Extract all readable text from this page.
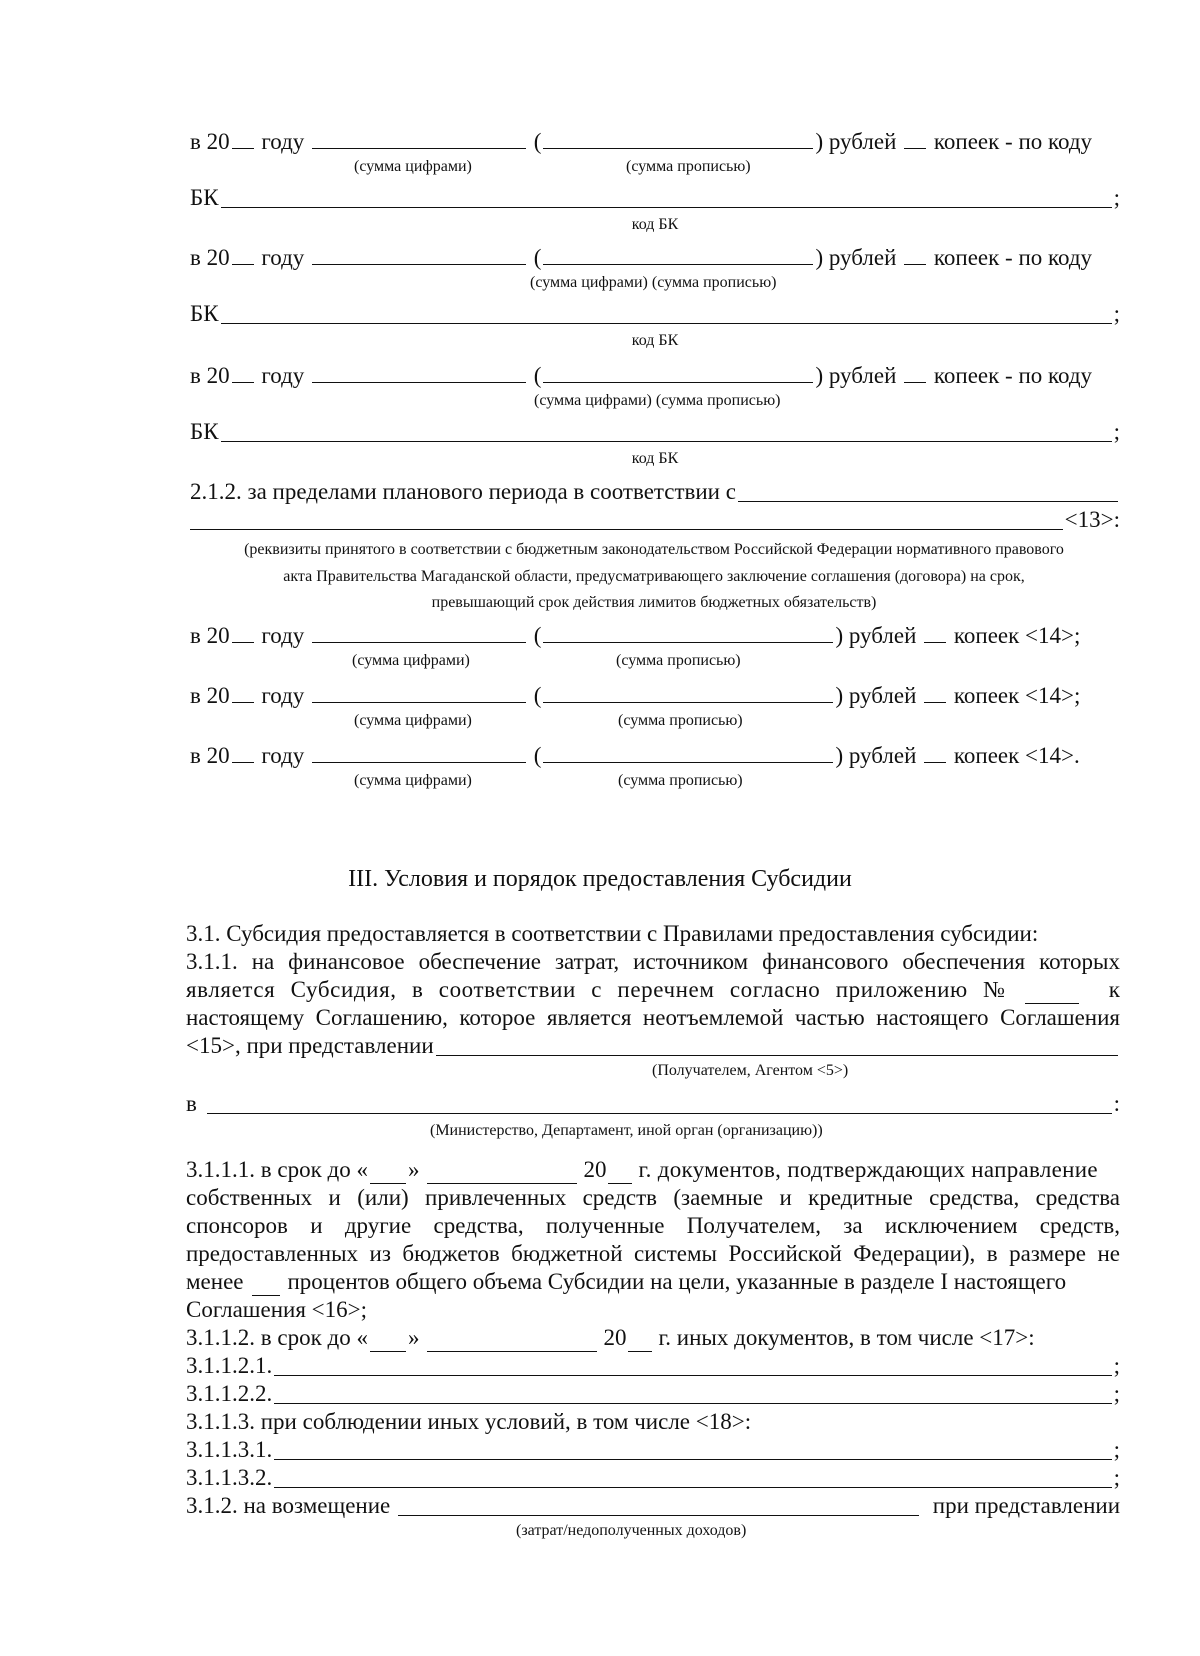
в 20 году	(	) рублей копеек - по коду
(сумма цифрами)	(сумма прописью)
БК	;
код БК
в 20 году	(	) рублей копеек - по коду
(сумма цифрами) (сумма прописью)
БК	;
код БК
в 20 году	(	) рублей копеек - по коду
(сумма цифрами) (сумма прописью)
БК	;
код БК
2.1.2. за пределами планового периода в соответствии с
<13>:
(реквизиты принятого в соответствии с бюджетным законодательством Российской Федерации нормативного правового
акта Правительства Магаданской области, предусматривающего заключение соглашения (договора) на срок,
превышающий срок действия лимитов бюджетных обязательств)
в 20 году	(	) рублей копеек <14>;
(сумма цифрами)	(сумма прописью)
в 20 году	(	) рублей копеек <14>;
(сумма цифрами)	(сумма прописью)
в 20 году	(	) рублей копеек <14>.
(сумма цифрами)	(сумма прописью)
III. Условия и порядок предоставления Субсидии
3.1. Субсидия предоставляется в соответствии с Правилами предоставления субсидии:
3.1.1. на финансовое обеспечение затрат, источником финансового обеспечения которых
является Субсидия, в соответствии с перечнем согласно приложению №	к
настоящему Соглашению, которое является неотъемлемой частью настоящего Соглашения
<15>, при представлении
(Получателем, Агентом <5>)
в	:
(Министерство, Департамент, иной орган (организацию))
3.1.1.1. в срок до « »	20 г. документов, подтверждающих направление
собственных и (или) привлеченных средств (заемные и кредитные средства, средства
спонсоров и другие средства, полученные Получателем, за исключением средств,
предоставленных из бюджетов бюджетной системы Российской Федерации), в размере не
менее процентов общего объема Субсидии на цели, указанные в разделе I настоящего
Соглашения <16>;
3.1.1.2. в срок до « »	20 г. иных документов, в том числе <17>:
3.1.1.2.1.	;
3.1.1.2.2.	;
3.1.1.3. при соблюдении иных условий, в том числе <18>:
3.1.1.3.1.	;
3.1.1.3.2.	;
3.1.2. на возмещение	при представлении
(затрат/недополученных доходов)
